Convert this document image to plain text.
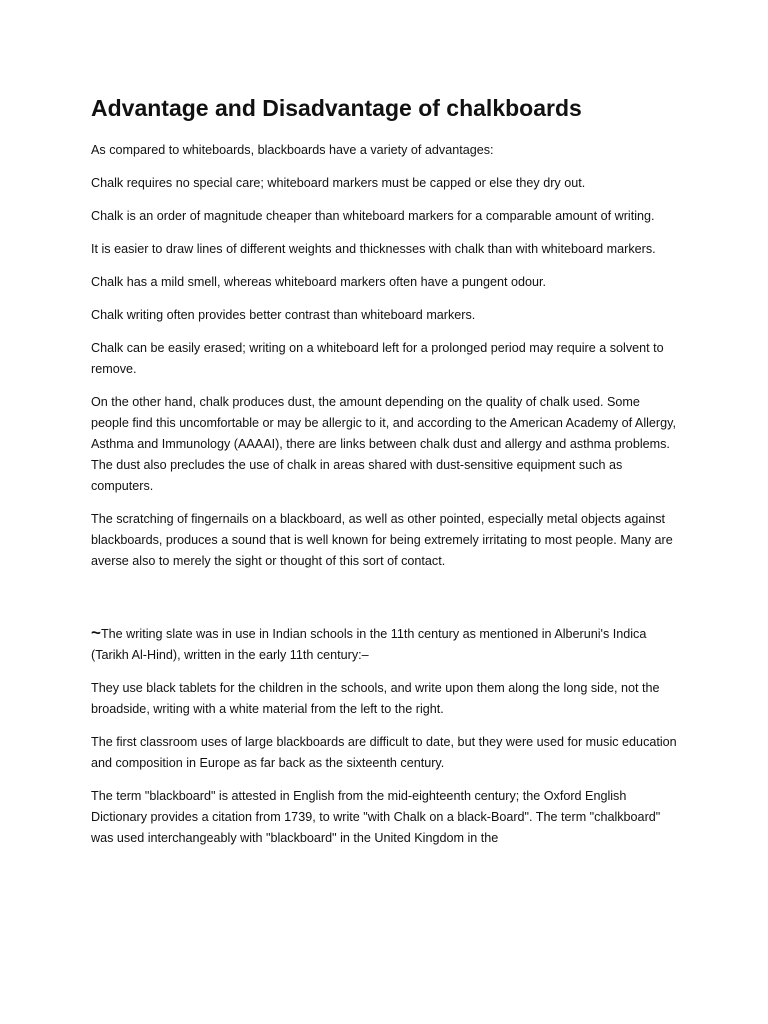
Advantage and Disadvantage of chalkboards

As compared to whiteboards, blackboards have a variety of advantages:

Chalk requires no special care; whiteboard markers must be capped or else they dry out.

Chalk is an order of magnitude cheaper than whiteboard markers for a comparable amount of writing.

It is easier to draw lines of different weights and thicknesses with chalk than with whiteboard markers.

Chalk has a mild smell, whereas whiteboard markers often have a pungent odour.

Chalk writing often provides better contrast than whiteboard markers.

Chalk can be easily erased; writing on a whiteboard left for a prolonged period may require a solvent to remove.

On the other hand, chalk produces dust, the amount depending on the quality of chalk used. Some people find this uncomfortable or may be allergic to it, and according to the American Academy of Allergy, Asthma and Immunology (AAAAI), there are links between chalk dust and allergy and asthma problems. The dust also precludes the use of chalk in areas shared with dust-sensitive equipment such as computers.

The scratching of fingernails on a blackboard, as well as other pointed, especially metal objects against blackboards, produces a sound that is well known for being extremely irritating to most people. Many are averse also to merely the sight or thought of this sort of contact.

~The writing slate was in use in Indian schools in the 11th century as mentioned in Alberuni's Indica (Tarikh Al-Hind), written in the early 11th century:–

They use black tablets for the children in the schools, and write upon them along the long side, not the broadside, writing with a white material from the left to the right.

The first classroom uses of large blackboards are difficult to date, but they were used for music education and composition in Europe as far back as the sixteenth century.

The term "blackboard" is attested in English from the mid-eighteenth century; the Oxford English Dictionary provides a citation from 1739, to write "with Chalk on a black-Board". The term "chalkboard" was used interchangeably with "blackboard" in the United Kingdom in the
